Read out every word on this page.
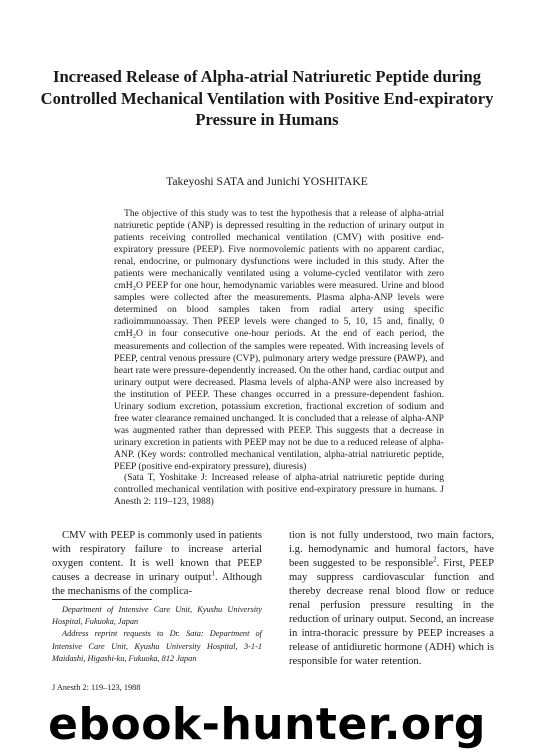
Increased Release of Alpha-atrial Natriuretic Peptide during Controlled Mechanical Ventilation with Positive End-expiratory Pressure in Humans
Takeyoshi SATA and Junichi YOSHITAKE

The objective of this study was to test the hypothesis that a release of alpha-atrial natriuretic peptide (ANP) is depressed resulting in the reduction of urinary output in patients receiving controlled mechanical ventilation (CMV) with positive end-expiratory pressure (PEEP). Five normovolemic patients with no apparent cardiac, renal, endocrine, or pulmonary dysfunctions were included in this study. After the patients were mechanically ventilated using a volume-cycled ventilator with zero cmH₂O PEEP for one hour, hemodynamic variables were measured. Urine and blood samples were collected after the measurements. Plasma alpha-ANP levels were determined on blood samples taken from radial artery using specific radioimmunoassay. Then PEEP levels were changed to 5, 10, 15 and, finally, 0 cmH₂O in four consecutive one-hour periods. At the end of each period, the measurements and collection of the samples were repeated. With increasing levels of PEEP, central venous pressure (CVP), pulmonary artery wedge pressure (PAWP), and heart rate were pressure-dependently increased. On the other hand, cardiac output and urinary output were decreased. Plasma levels of alpha-ANP were also increased by the institution of PEEP. These changes occurred in a pressure-dependent fashion. Urinary sodium excretion, potassium excretion, fractional excretion of sodium and free water clearance remained unchanged. It is concluded that a release of alpha-ANP was augmented rather than depressed with PEEP. This suggests that a decrease in urinary excretion in patients with PEEP may not be due to a reduced release of alpha-ANP. (Key words: controlled mechanical ventilation, alpha-atrial natriuretic peptide, PEEP (positive end-expiratory pressure), diuresis)

(Sata T, Yoshitake J: Increased release of alpha-atrial natriuretic peptide during controlled mechanical ventilation with positive end-expiratory pressure in humans. J Anesth 2: 119–123, 1988)

CMV with PEEP is commonly used in patients with respiratory failure to increase arterial oxygen content. It is well known that PEEP causes a decrease in urinary output$^1$. Although the mechanisms of the complica-

tion is not fully understood, two main factors, i.g. hemodynamic and humoral factors, have been suggested to be responsible$^2$. First, PEEP may suppress cardiovascular function and thereby decrease renal blood flow or reduce renal perfusion pressure resulting in the reduction of urinary output. Second, an increase in intra-thoracic pressure by PEEP increases a release of antidiuretic hormone (ADH) which is responsible for water retention.

Department of Intensive Care Unit, Kyushu University Hospital, Fukuoka, Japan

Address reprint requests to Dr. Sata: Department of Intensive Care Unit, Kyushu University Hospital, 3-1-1 Maidashi, Higashi-ku, Fukuoka, 812 Japan

J Anesth 2: 119–123, 1988
ebook-hunter.org
